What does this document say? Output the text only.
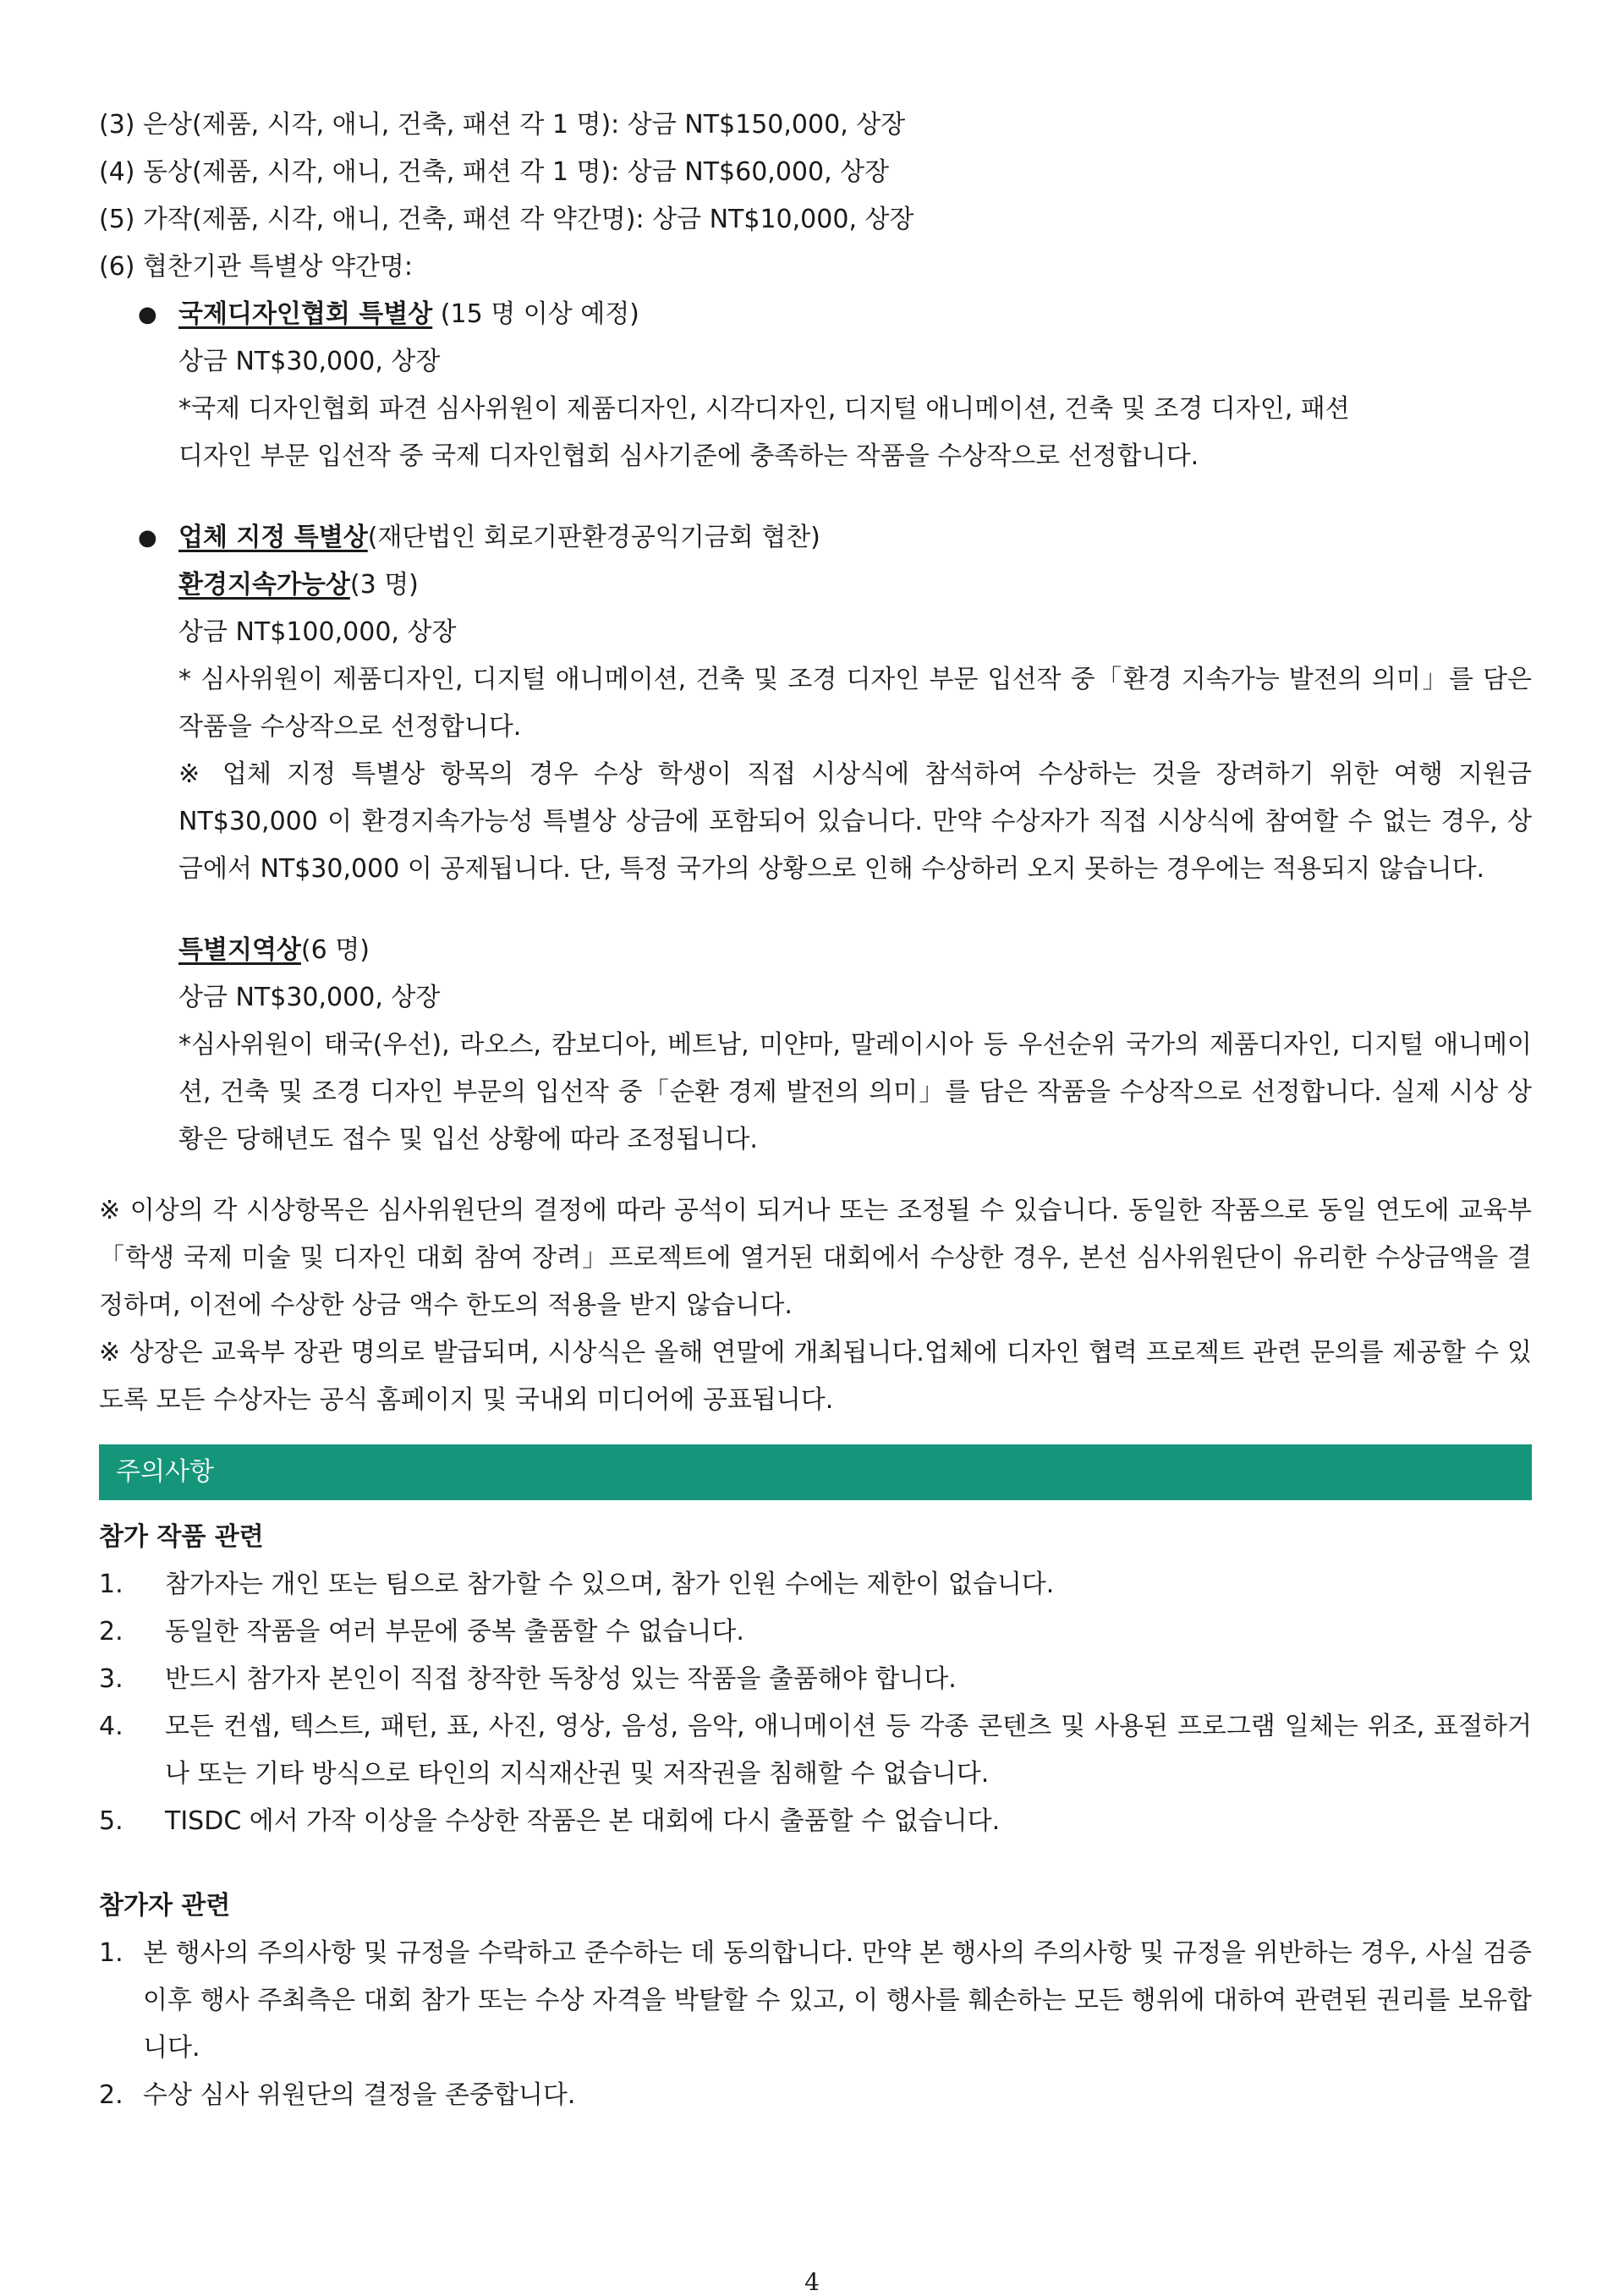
(3) 은상(제품, 시각, 애니, 건축, 패션 각 1 명): 상금 NT$150,000, 상장
(4) 동상(제품, 시각, 애니, 건축, 패션 각 1 명): 상금 NT$60,000, 상장
(5) 가작(제품, 시각, 애니, 건축, 패션 각 약간명): 상금 NT$10,000, 상장
(6) 협찬기관 특별상 약간명:
● 국제디자인협회 특별상 (15 명 이상 예정)
상금 NT$30,000, 상장
*국제 디자인협회 파견 심사위원이 제품디자인, 시각디자인, 디지털 애니메이션, 건축 및 조경 디자인, 패션
디자인 부문 입선작 중 국제 디자인협회 심사기준에 충족하는 작품을 수상작으로 선정합니다.
● 업체 지정 특별상(재단법인 회로기판환경공익기금회 협찬)
환경지속가능상(3 명)
상금 NT$100,000, 상장
* 심사위원이 제품디자인, 디지털 애니메이션, 건축 및 조경 디자인 부문 입선작 중「환경 지속가능 발전의 의미」를 담은 작품을 수상작으로 선정합니다.
※ 업체 지정 특별상 항목의 경우 수상 학생이 직접 시상식에 참석하여 수상하는 것을 장려하기 위한 여행 지원금 NT$30,000 이 환경지속가능성 특별상 상금에 포함되어 있습니다. 만약 수상자가 직접 시상식에 참여할 수 없는 경우, 상금에서 NT$30,000 이 공제됩니다. 단, 특정 국가의 상황으로 인해 수상하러 오지 못하는 경우에는 적용되지 않습니다.
특별지역상(6 명)
상금 NT$30,000, 상장
*심사위원이 태국(우선), 라오스, 캄보디아, 베트남, 미얀마, 말레이시아 등 우선순위 국가의 제품디자인, 디지털 애니메이션, 건축 및 조경 디자인 부문의 입선작 중「순환 경제 발전의 의미」를 담은 작품을 수상작으로 선정합니다. 실제 시상 상황은 당해년도 접수 및 입선 상황에 따라 조정됩니다.
※ 이상의 각 시상항목은 심사위원단의 결정에 따라 공석이 되거나 또는 조정될 수 있습니다. 동일한 작품으로 동일 연도에 교육부「학생 국제 미술 및 디자인 대회 참여 장려」프로젝트에 열거된 대회에서 수상한 경우, 본선 심사위원단이 유리한 수상금액을 결정하며, 이전에 수상한 상금 액수 한도의 적용을 받지 않습니다.
※ 상장은 교육부 장관 명의로 발급되며, 시상식은 올해 연말에 개최됩니다.업체에 디자인 협력 프로젝트 관련 문의를 제공할 수 있도록 모든 수상자는 공식 홈페이지 및 국내외 미디어에 공표됩니다.
주의사항
참가 작품 관련
1.	참가자는 개인 또는 팀으로 참가할 수 있으며, 참가 인원 수에는 제한이 없습니다.
2.	동일한 작품을 여러 부문에 중복 출품할 수 없습니다.
3.	반드시 참가자 본인이 직접 창작한 독창성 있는 작품을 출품해야 합니다.
4.	모든 컨셉, 텍스트, 패턴, 표, 사진, 영상, 음성, 음악, 애니메이션 등 각종 콘텐츠 및 사용된 프로그램 일체는 위조, 표절하거나 또는 기타 방식으로 타인의 지식재산권 및 저작권을 침해할 수 없습니다.
5.	TISDC 에서 가작 이상을 수상한 작품은 본 대회에 다시 출품할 수 없습니다.
참가자 관련
1. 본 행사의 주의사항 및 규정을 수락하고 준수하는 데 동의합니다. 만약 본 행사의 주의사항 및 규정을 위반하는 경우, 사실 검증 이후 행사 주최측은 대회 참가 또는 수상 자격을 박탈할 수 있고, 이 행사를 훼손하는 모든 행위에 대하여 관련된 권리를 보유합니다.
2. 수상 심사 위원단의 결정을 존중합니다.
4
